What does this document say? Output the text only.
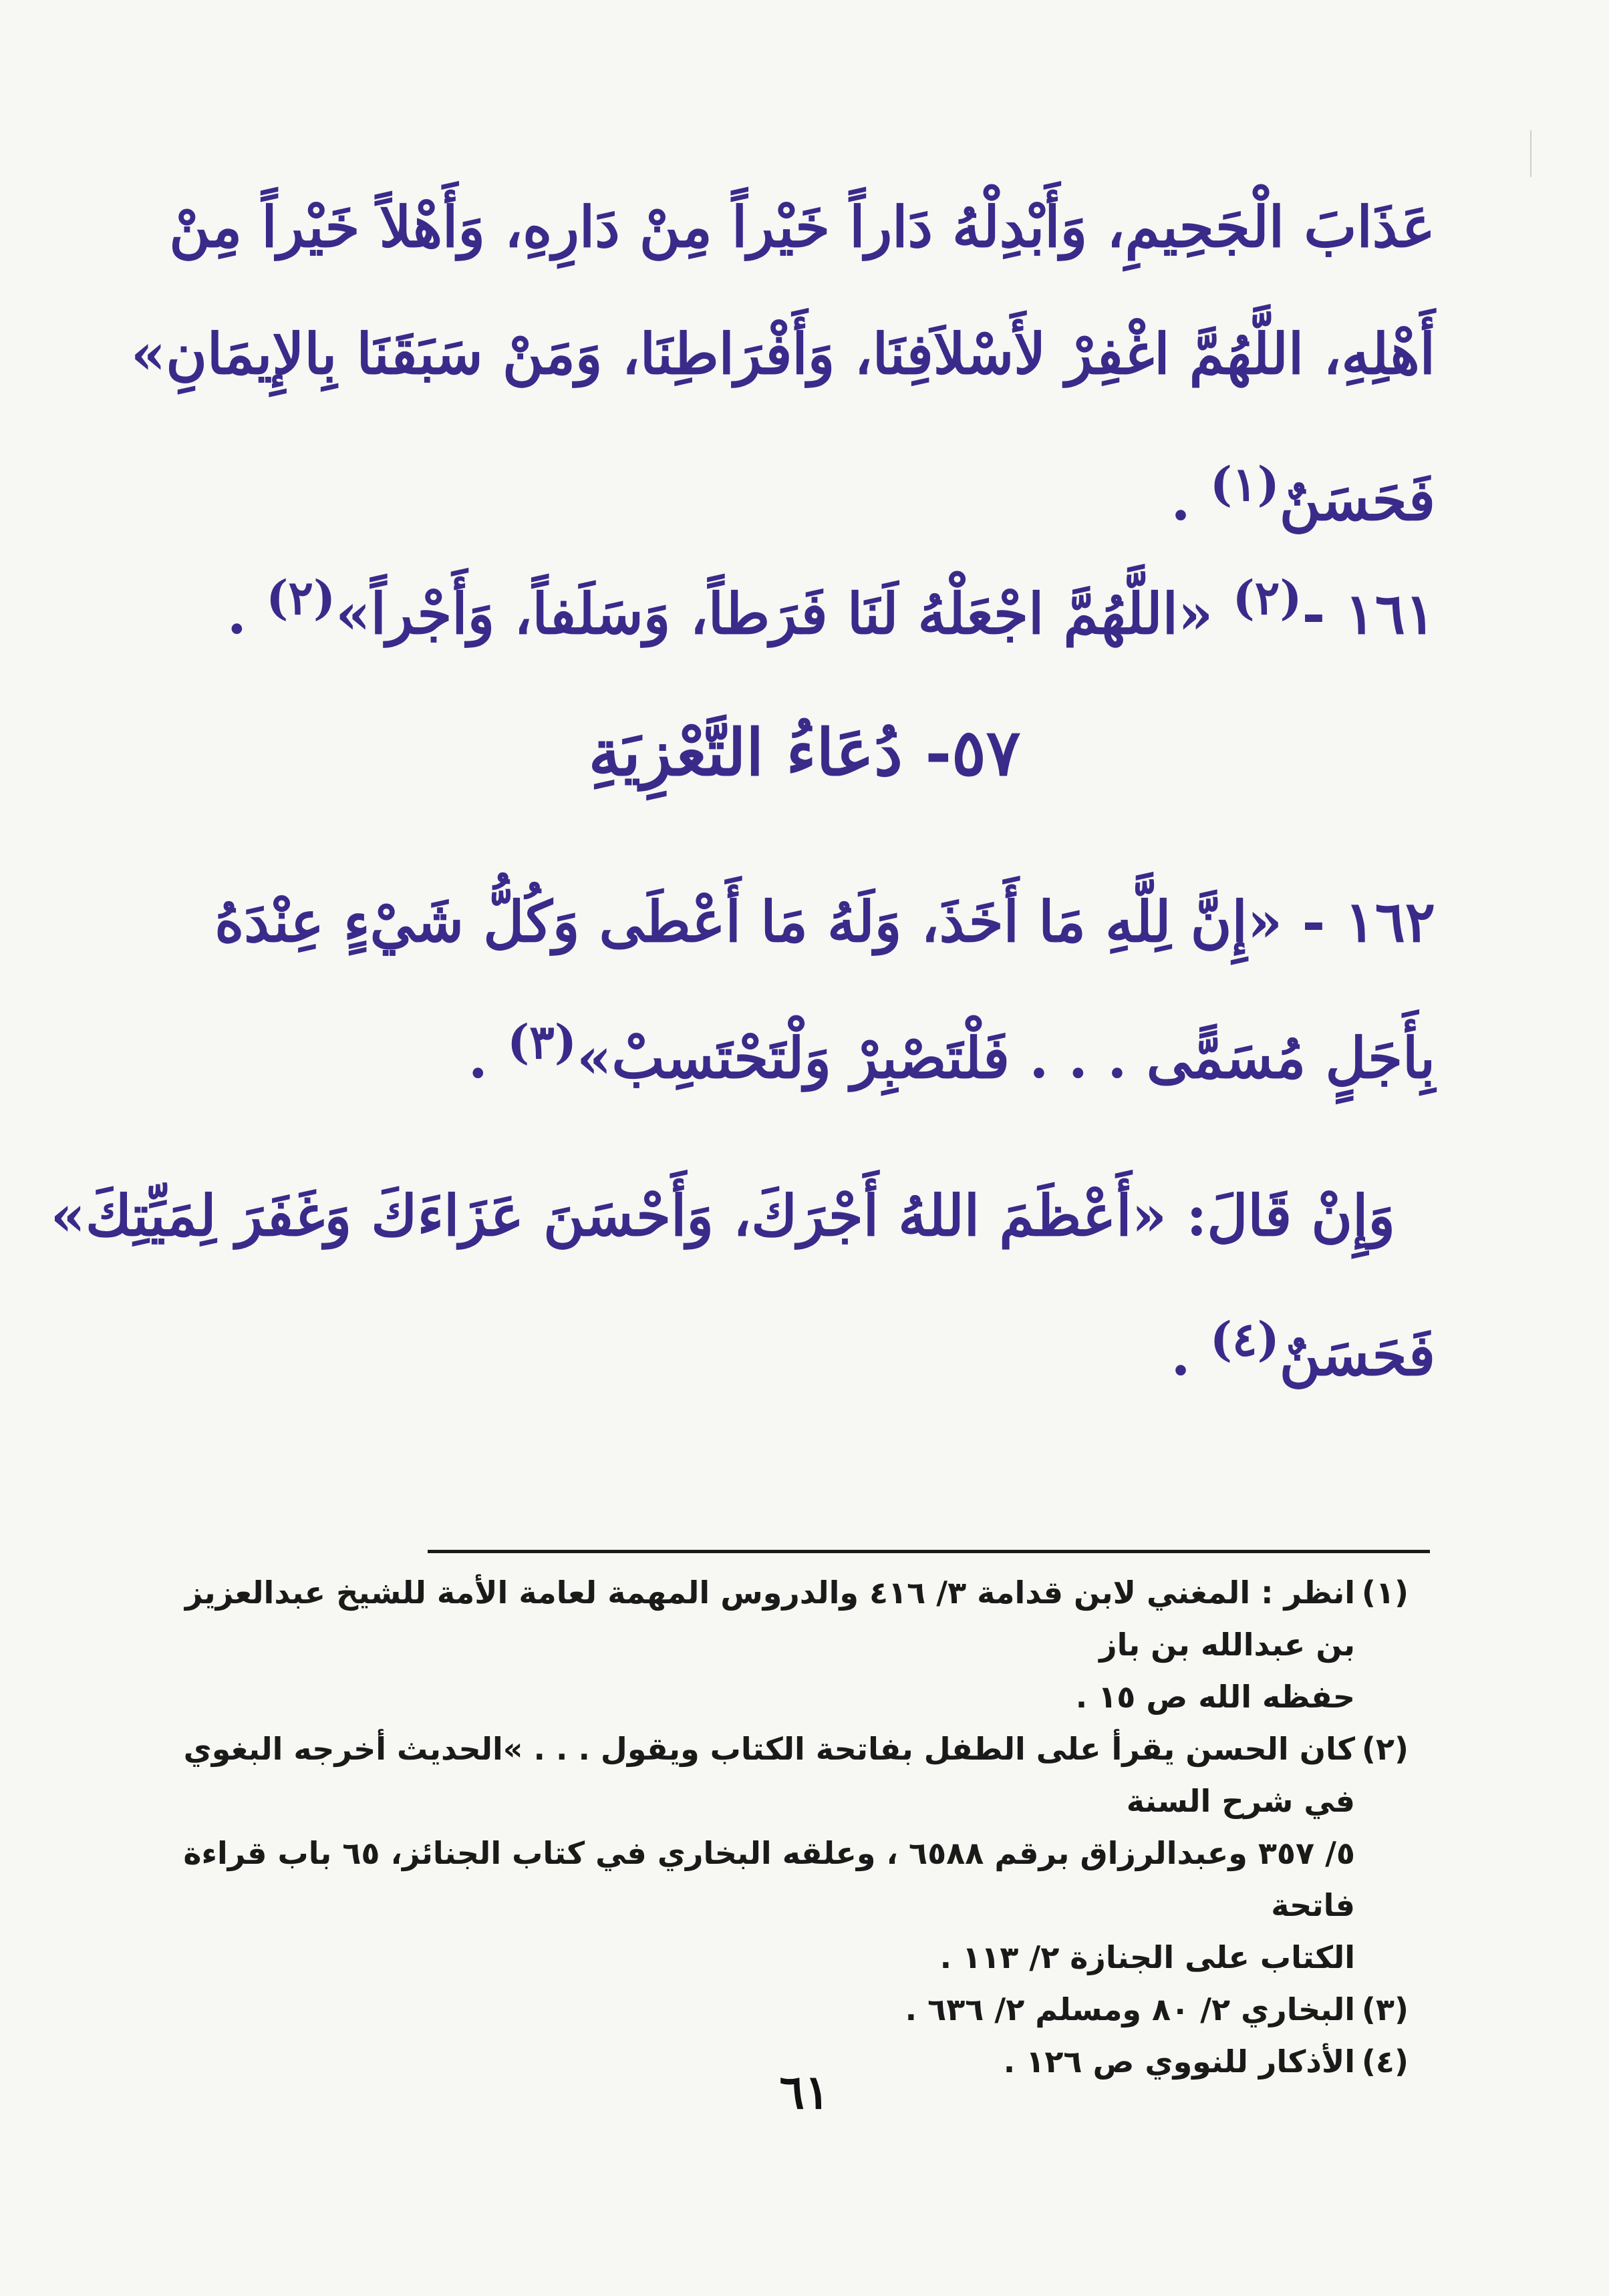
عَذَابَ الْجَحِيمِ، وَأَبْدِلْهُ دَاراً خَيْراً مِنْ دَارِهِ، وَأَهْلاً خَيْراً مِنْ
أَهْلِهِ، اللَّهُمَّ اغْفِرْ لأَسْلاَفِنَا، وَأَفْرَاطِنَا، وَمَنْ سَبَقَنَا بِالإِيمَانِ»
فَحَسَنٌ$^{(١)}$ .
١٦١ -$^{(٢)}$ «اللَّهُمَّ اجْعَلْهُ لَنَا فَرَطاً، وَسَلَفاً، وَأَجْراً»$^{(٢)}$ .
٥٧- دُعَاءُ التَّعْزِيَةِ
١٦٢ - «إِنَّ لِلَّهِ مَا أَخَذَ، وَلَهُ مَا أَعْطَى وَكُلُّ شَيْءٍ عِنْدَهُ
بِأَجَلٍ مُسَمًّى . . . فَلْتَصْبِرْ وَلْتَحْتَسِبْ»$^{(٣)}$ .
وَإِنْ قَالَ: «أَعْظَمَ اللهُ أَجْرَكَ، وَأَحْسَنَ عَزَاءَكَ وَغَفَرَ لِمَيِّتِكَ»
فَحَسَنٌ$^{(٤)}$ .
(١)
انظر : المغني لابن قدامة ٣/ ٤١٦ والدروس المهمة لعامة الأمة للشيخ عبدالعزيز بن عبدالله بن باز
حفظه الله ص ١٥ .
(٢)
كان الحسن يقرأ على الطفل بفاتحة الكتاب ويقول . . . »الحديث أخرجه البغوي في شرح السنة
٥/ ٣٥٧ وعبدالرزاق برقم ٦٥٨٨ ، وعلقه البخاري في كتاب الجنائز، ٦٥ باب قراءة فاتحة
الكتاب على الجنازة ٢/ ١١٣ .
(٣)
البخاري ٢/ ٨٠ ومسلم ٢/ ٦٣٦ .
(٤)
الأذكار للنووي ص ١٢٦ .
٦١
